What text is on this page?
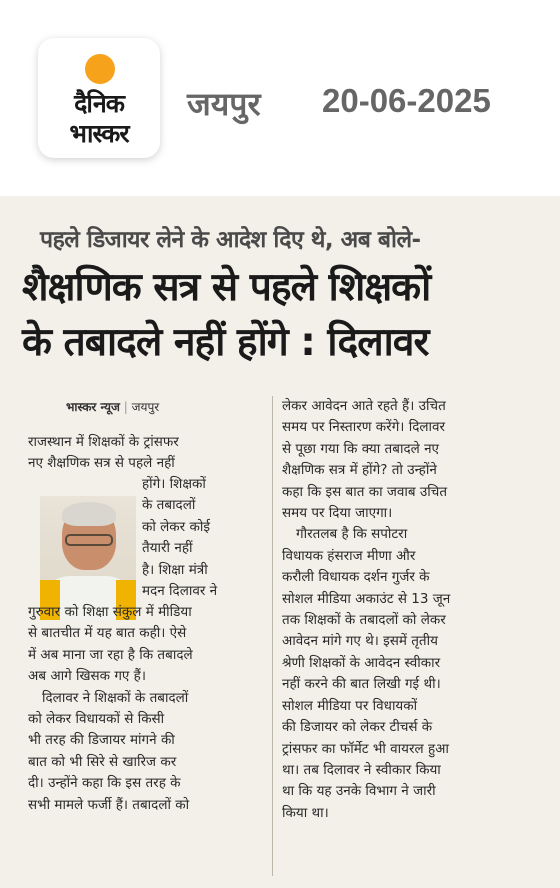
दैनिक
भास्कर
जयपुर 20-06-2025
पहले डिजायर लेने के आदेश दिए थे, अब बोले-
शैक्षणिक सत्र से पहले शिक्षकों
के तबादले नहीं होंगे : दिलावर
भास्कर न्यूज | जयपुर
राजस्थान में शिक्षकों के ट्रांसफर
नए शैक्षणिक सत्र से पहले नहीं
होंगे। शिक्षकों
के तबादलों
को लेकर कोई
तैयारी नहीं
है। शिक्षा मंत्री
मदन दिलावर ने
गुरुवार को शिक्षा संकुल में मीडिया
से बातचीत में यह बात कही। ऐसे
में अब माना जा रहा है कि तबादले
अब आगे खिसक गए हैं।
दिलावर ने शिक्षकों के तबादलों
को लेकर विधायकों से किसी
भी तरह की डिजायर मांगने की
बात को भी सिरे से खारिज कर
दी। उन्होंने कहा कि इस तरह के
सभी मामले फर्जी हैं। तबादलों को
लेकर आवेदन आते रहते हैं। उचित
समय पर निस्तारण करेंगे। दिलावर
से पूछा गया कि क्या तबादले नए
शैक्षणिक सत्र में होंगे? तो उन्होंने
कहा कि इस बात का जवाब उचित
समय पर दिया जाएगा।
गौरतलब है कि सपोटरा
विधायक हंसराज मीणा और
करौली विधायक दर्शन गुर्जर के
सोशल मीडिया अकाउंट से 13 जून
तक शिक्षकों के तबादलों को लेकर
आवेदन मांगे गए थे। इसमें तृतीय
श्रेणी शिक्षकों के आवेदन स्वीकार
नहीं करने की बात लिखी गई थी।
सोशल मीडिया पर विधायकों
की डिजायर को लेकर टीचर्स के
ट्रांसफर का फॉर्मेट भी वायरल हुआ
था। तब दिलावर ने स्वीकार किया
था कि यह उनके विभाग ने जारी
किया था।
